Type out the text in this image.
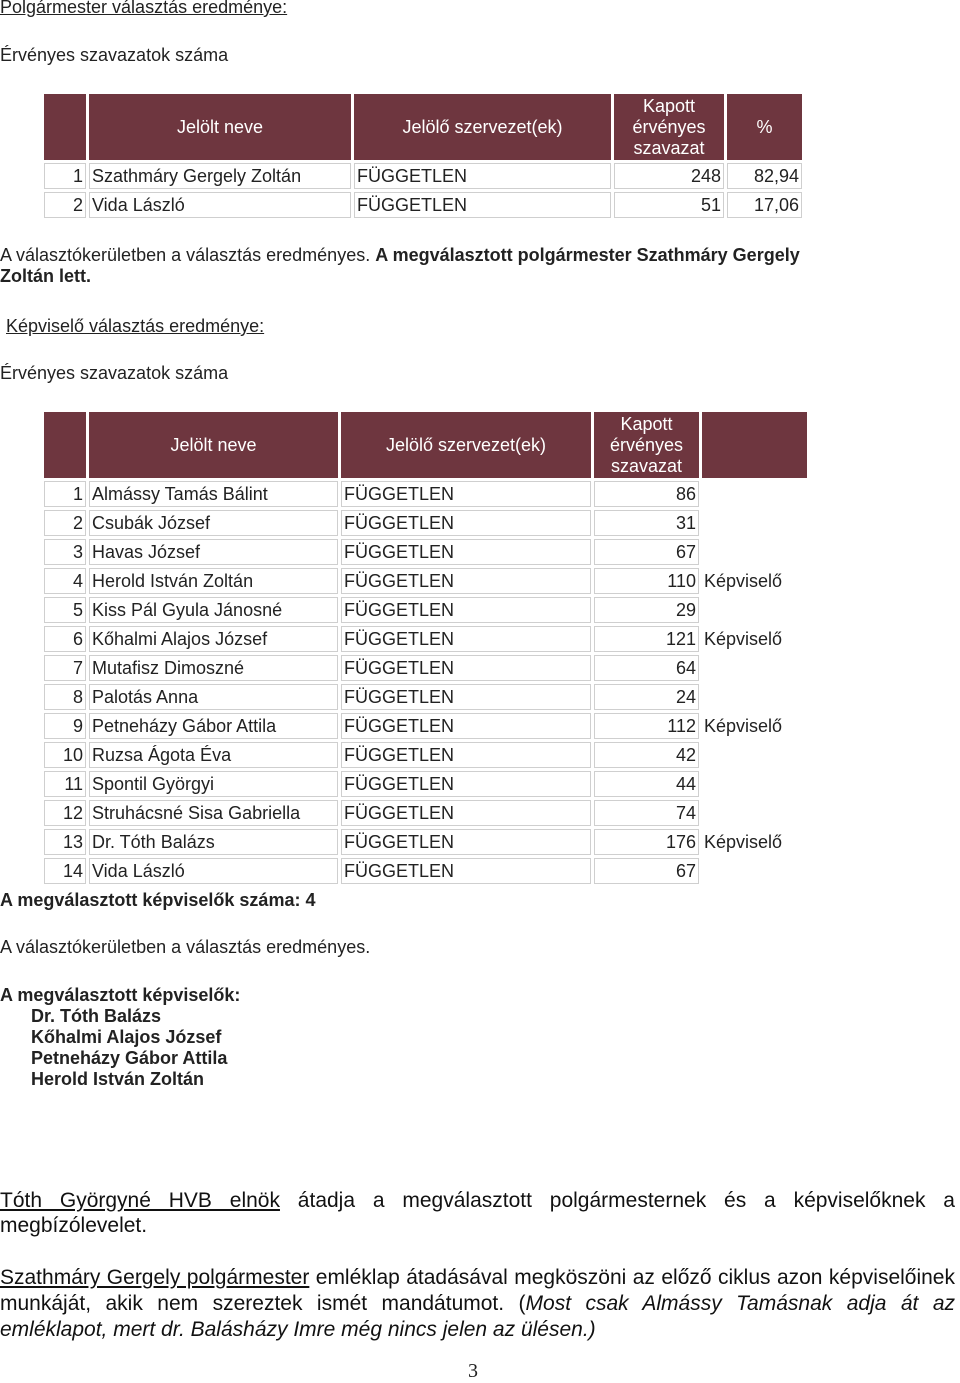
Polgármester választás eredménye:
Érvényes szavazatok száma
	Jelölt neve	Jelölő szervezet(ek)	Kapott
érvényes
szavazat	%
1	Szathmáry Gergely Zoltán	FÜGGETLEN	248	82,94
2	Vida László	FÜGGETLEN	51	17,06
A választókerületben a választás eredményes. A megválasztott polgármester Szathmáry Gergely Zoltán lett.
Képviselő választás eredménye:
Érvényes szavazatok száma
	Jelölt neve	Jelölő szervezet(ek)	Kapott
érvényes
szavazat	

1	Almássy Tamás Bálint	FÜGGETLEN	86	
2	Csubák József	FÜGGETLEN	31	
3	Havas József	FÜGGETLEN	67	
4	Herold István Zoltán	FÜGGETLEN	110	Képviselő
5	Kiss Pál Gyula Jánosné	FÜGGETLEN	29	
6	Kőhalmi Alajos József	FÜGGETLEN	121	Képviselő
7	Mutafisz Dimoszné	FÜGGETLEN	64	
8	Palotás Anna	FÜGGETLEN	24	
9	Petneházy Gábor Attila	FÜGGETLEN	112	Képviselő
10	Ruzsa Ágota Éva	FÜGGETLEN	42	
11	Spontil Györgyi	FÜGGETLEN	44	
12	Struhácsné Sisa Gabriella	FÜGGETLEN	74	
13	Dr. Tóth Balázs	FÜGGETLEN	176	Képviselő
14	Vida László	FÜGGETLEN	67	
A megválasztott képviselők száma: 4
A választókerületben a választás eredményes.
A megválasztott képviselők:
Dr. Tóth Balázs
Kőhalmi Alajos József
Petneházy Gábor Attila
Herold István Zoltán
Tóth Györgyné HVB elnök átadja a megválasztott polgármesternek és a képviselőknek a megbízólevelet.
Szathmáry Gergely polgármester emléklap átadásával megköszöni az előző ciklus azon képviselőinek munkáját, akik nem szereztek ismét mandátumot. (Most csak Almássy Tamásnak adja át az emléklapot, mert dr. Balásházy Imre még nincs jelen az ülésen.)
3
